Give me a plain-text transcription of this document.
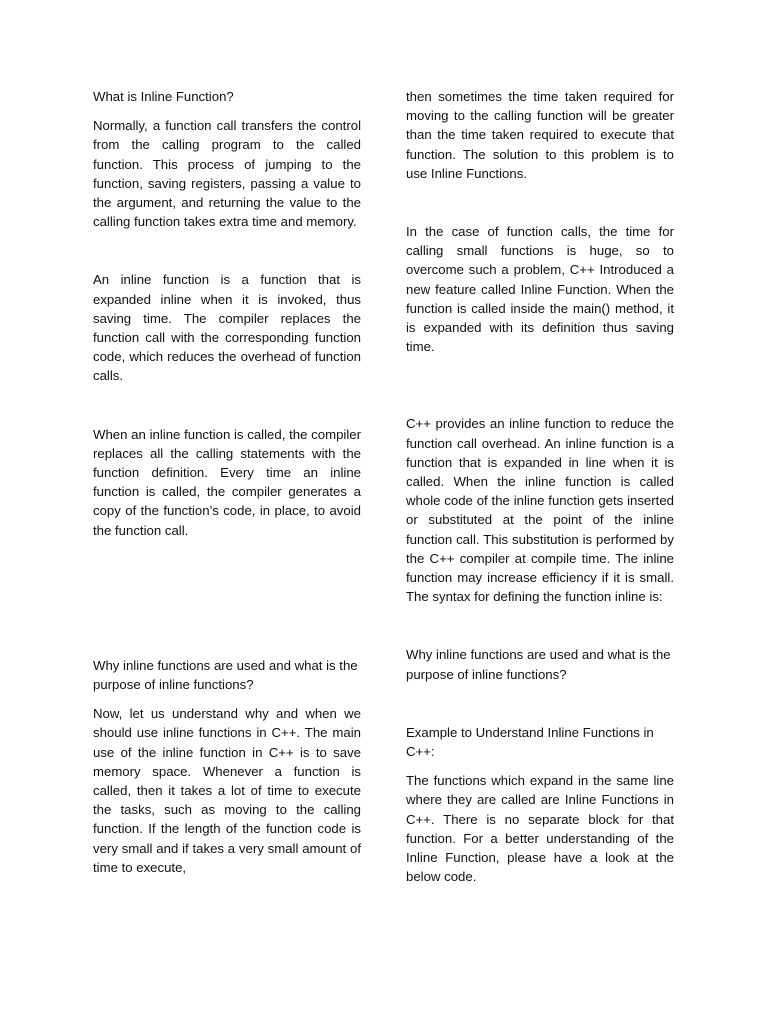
What is Inline Function?

Normally, a function call transfers the control from the calling program to the called function. This process of jumping to the function, saving registers, passing a value to the argument, and returning the value to the calling function takes extra time and memory.

An inline function is a function that is expanded inline when it is invoked, thus saving time. The compiler replaces the function call with the corresponding function code, which reduces the overhead of function calls.

When an inline function is called, the compiler replaces all the calling statements with the function definition. Every time an inline function is called, the compiler generates a copy of the function’s code, in place, to avoid the function call.

Why inline functions are used and what is the purpose of inline functions?

Now, let us understand why and when we should use inline functions in C++. The main use of the inline function in C++ is to save memory space. Whenever a function is called, then it takes a lot of time to execute the tasks, such as moving to the calling function. If the length of the function code is very small and if takes a very small amount of time to execute,

then sometimes the time taken required for moving to the calling function will be greater than the time taken required to execute that function. The solution to this problem is to use Inline Functions.

In the case of function calls, the time for calling small functions is huge, so to overcome such a problem, C++ Introduced a new feature called Inline Function. When the function is called inside the main() method, it is expanded with its definition thus saving time.

C++ provides an inline function to reduce the function call overhead. An inline function is a function that is expanded in line when it is called. When the inline function is called whole code of the inline function gets inserted or substituted at the point of the inline function call. This substitution is performed by the C++ compiler at compile time. The inline function may increase efficiency if it is small. The syntax for defining the function inline is:

Why inline functions are used and what is the purpose of inline functions?

Example to Understand Inline Functions in C++:

The functions which expand in the same line where they are called are Inline Functions in C++. There is no separate block for that function. For a better understanding of the Inline Function, please have a look at the below code.
